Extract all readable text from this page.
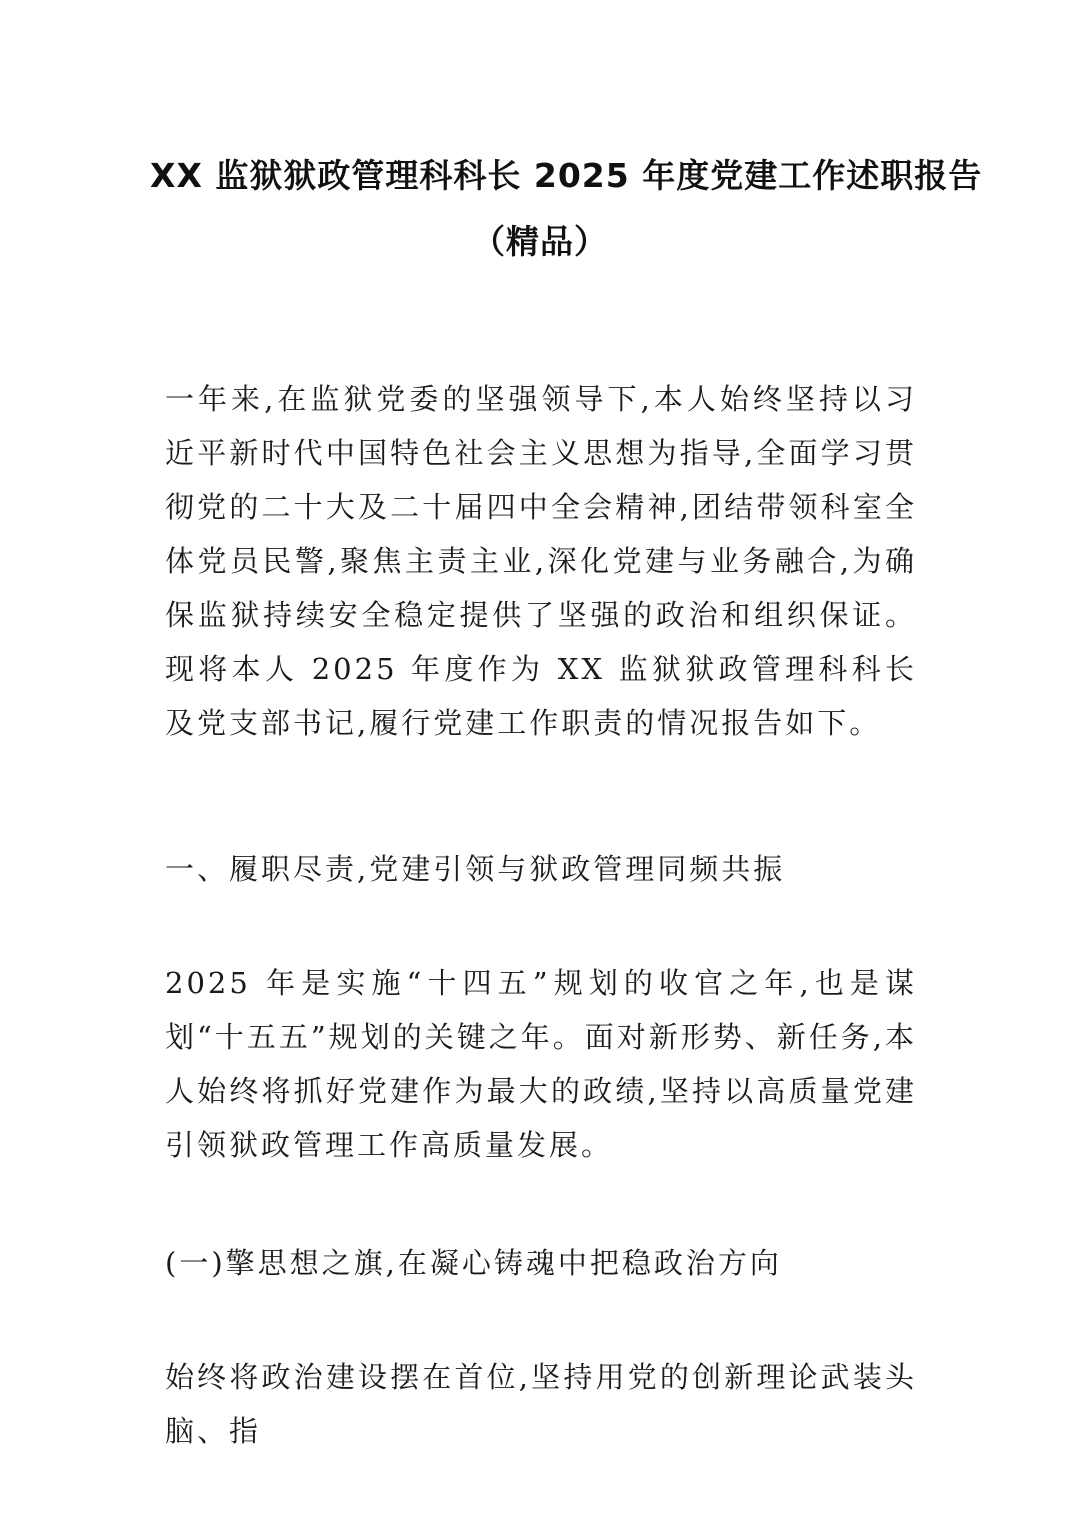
XX 监狱狱政管理科科长 2025 年度党建工作述职报告
（精品）

一年来,在监狱党委的坚强领导下,本人始终坚持以习近平新时代中国特色社会主义思想为指导,全面学习贯彻党的二十大及二十届四中全会精神,团结带领科室全体党员民警,聚焦主责主业,深化党建与业务融合,为确保监狱持续安全稳定提供了坚强的政治和组织保证。现将本人 2025 年度作为 XX 监狱狱政管理科科长及党支部书记,履行党建工作职责的情况报告如下。

一、履职尽责,党建引领与狱政管理同频共振

2025 年是实施“十四五”规划的收官之年,也是谋划“十五五”规划的关键之年。面对新形势、新任务,本人始终将抓好党建作为最大的政绩,坚持以高质量党建引领狱政管理工作高质量发展。

(一)擎思想之旗,在凝心铸魂中把稳政治方向

始终将政治建设摆在首位,坚持用党的创新理论武装头脑、指
